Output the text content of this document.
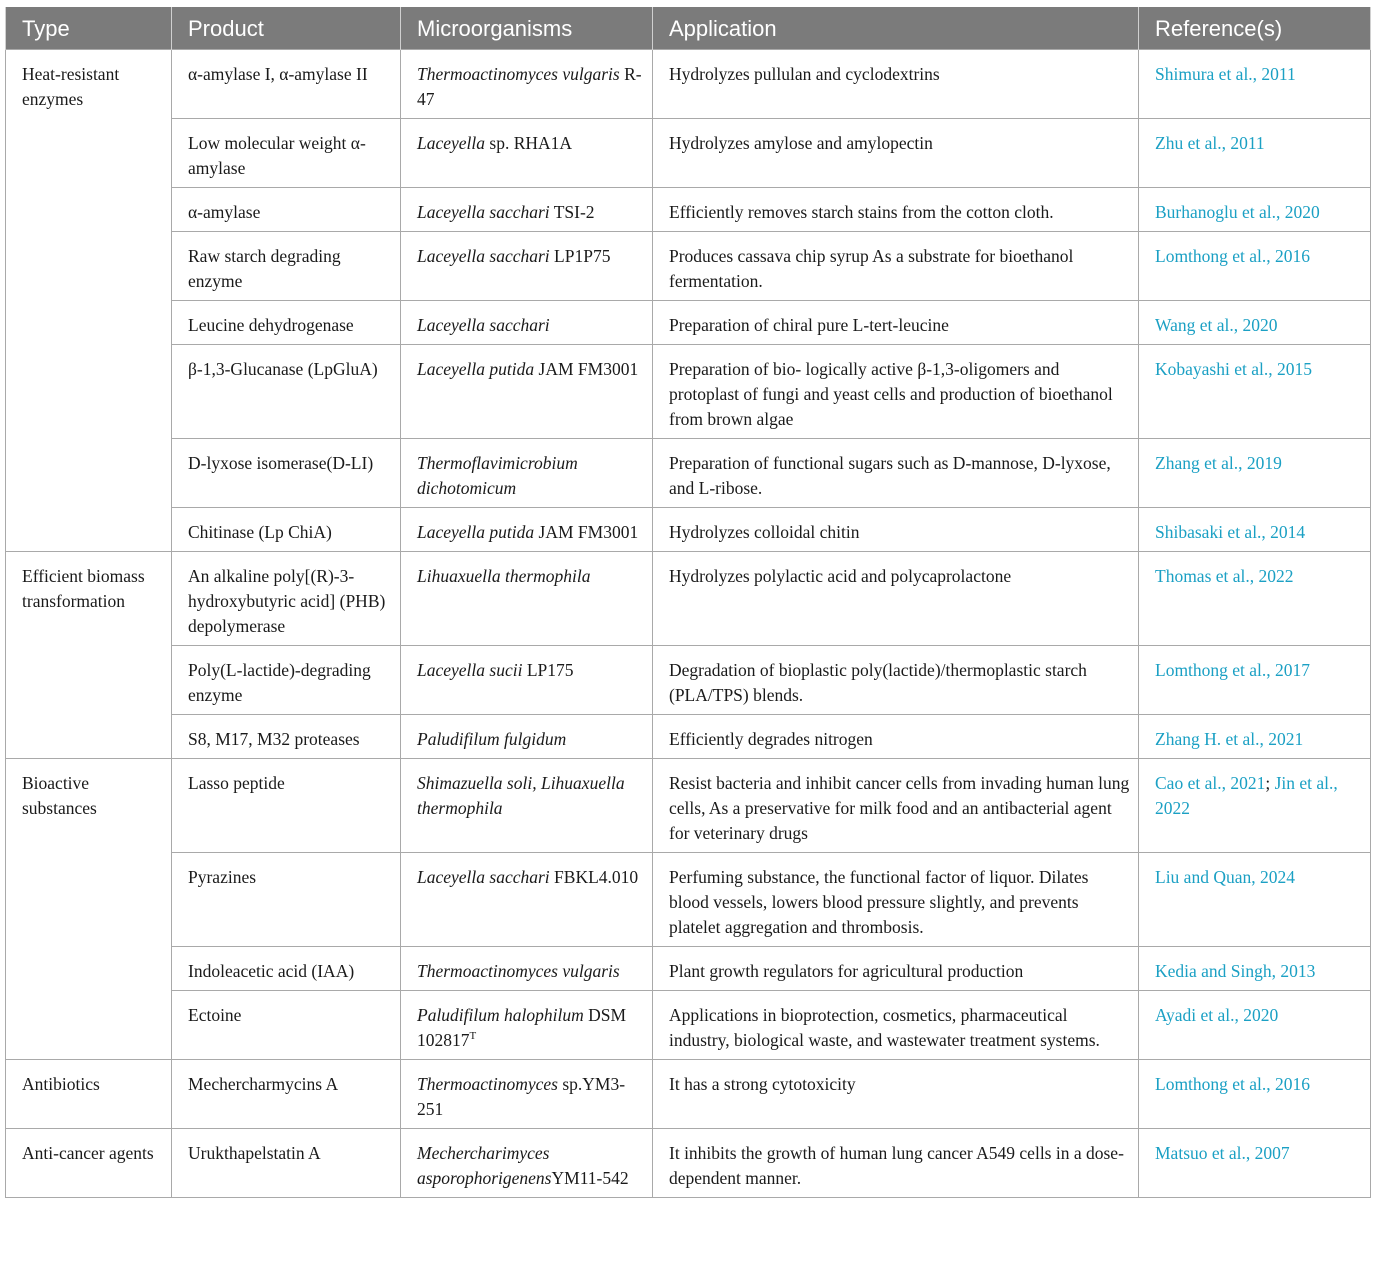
Type	Product	Microorganisms	Application	Reference(s)
Heat-resistant enzymes	α-amylase I, α-amylase II	Thermoactinomyces vulgaris R-47	Hydrolyzes pullulan and cyclodextrins	Shimura et al., 2011
	Low molecular weight α-amylase	Laceyella sp. RHA1A	Hydrolyzes amylose and amylopectin	Zhu et al., 2011
	α-amylase	Laceyella sacchari TSI-2	Efficiently removes starch stains from the cotton cloth.	Burhanoglu et al., 2020
	Raw starch degrading enzyme	Laceyella sacchari LP1P75	Produces cassava chip syrup As a substrate for bioethanol fermentation.	Lomthong et al., 2016
	Leucine dehydrogenase	Laceyella sacchari	Preparation of chiral pure L-tert-leucine	Wang et al., 2020
	β-1,3-Glucanase (LpGluA)	Laceyella putida JAM FM3001	Preparation of bio- logically active β-1,3-oligomers and protoplast of fungi and yeast cells and production of bioethanol from brown algae	Kobayashi et al., 2015
	D-lyxose isomerase(D-LI)	Thermoflavimicrobium dichotomicum	Preparation of functional sugars such as D-mannose, D-lyxose, and L-ribose.	Zhang et al., 2019
	Chitinase (Lp ChiA)	Laceyella putida JAM FM3001	Hydrolyzes colloidal chitin	Shibasaki et al., 2014
Efficient biomass transformation	An alkaline poly[(R)-3-hydroxybutyric acid] (PHB) depolymerase	Lihuaxuella thermophila	Hydrolyzes polylactic acid and polycaprolactone	Thomas et al., 2022
	Poly(L-lactide)-degrading enzyme	Laceyella sucii LP175	Degradation of bioplastic poly(lactide)/thermoplastic starch (PLA/TPS) blends.	Lomthong et al., 2017
	S8, M17, M32 proteases	Paludifilum fulgidum	Efficiently degrades nitrogen	Zhang H. et al., 2021
Bioactive substances	Lasso peptide	Shimazuella soli, Lihuaxuella thermophila	Resist bacteria and inhibit cancer cells from invading human lung cells, As a preservative for milk food and an antibacterial agent for veterinary drugs	Cao et al., 2021; Jin et al., 2022
	Pyrazines	Laceyella sacchari FBKL4.010	Perfuming substance, the functional factor of liquor. Dilates blood vessels, lowers blood pressure slightly, and prevents platelet aggregation and thrombosis.	Liu and Quan, 2024
	Indoleacetic acid (IAA)	Thermoactinomyces vulgaris	Plant growth regulators for agricultural production	Kedia and Singh, 2013
	Ectoine	Paludifilum halophilum DSM $102817^T$	Applications in bioprotection, cosmetics, pharmaceutical industry, biological waste, and wastewater treatment systems.	Ayadi et al., 2020
Antibiotics	Mechercharmycins A	Thermoactinomyces sp.YM3-251	It has a strong cytotoxicity	Lomthong et al., 2016
Anti-cancer agents	Urukthapelstatin A	Mechercharimyces asporophorigenensYM11-542	It inhibits the growth of human lung cancer A549 cells in a dose-dependent manner.	Matsuo et al., 2007
